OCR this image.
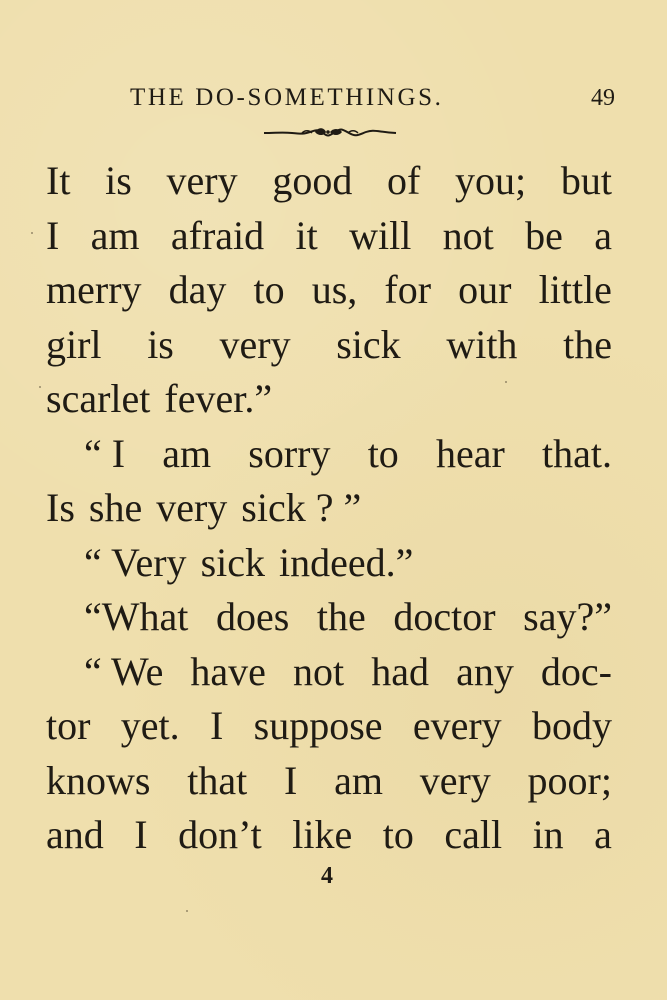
THE DO-SOMETHINGS.	49
It is very good of you; but
I am afraid it will not be a
merry day to us, for our little
girl is very sick with the
scarlet fever.”
“ I am sorry to hear that.
Is she very sick ? ”
“ Very sick indeed.”
“What does the doctor say?”
“ We have not had any doc-
tor yet. I suppose every body
knows that I am very poor;
and I don’t like to call in a
4
